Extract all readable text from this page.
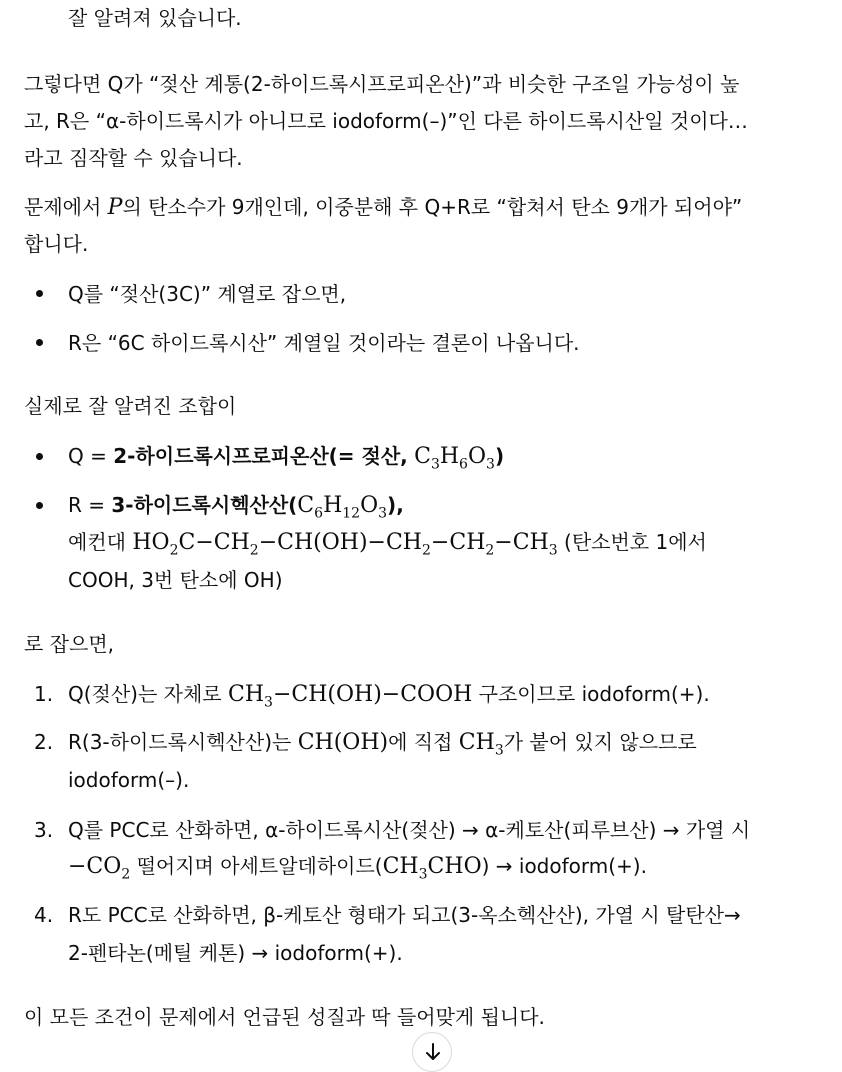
잘 알려져 있습니다.
그렇다면 Q가 “젖산 계통(2-하이드록시프로피온산)”과 비슷한 구조일 가능성이 높
고, R은 “α-하이드록시가 아니므로 iodoform(–)”인 다른 하이드록시산일 것이다…
라고 짐작할 수 있습니다.
문제에서 P의 탄소수가 9개인데, 이중분해 후 Q+R로 “합쳐서 탄소 9개가 되어야”
합니다.
Q를 “젖산(3C)” 계열로 잡으면,
R은 “6C 하이드록시산” 계열일 것이라는 결론이 나옵니다.
실제로 잘 알려진 조합이
Q = 2-하이드록시프로피온산(= 젖산, $C_3H_6O_3$)
R = 3-하이드록시헥산산$(C_6H_{12}O_3)$,
예컨대 $HO_2C-CH_2-CH(OH)-CH_2-CH_2-CH_3$ (탄소번호 1에서
COOH, 3번 탄소에 OH)
로 잡으면,
1. Q(젖산)는 자체로 $CH_3-CH(OH)-COOH$ 구조이므로 iodoform(+).
2. R(3-하이드록시헥산산)는 CH(OH)에 직접 $CH_3$가 붙어 있지 않으므로
iodoform(–).
3. Q를 PCC로 산화하면, α-하이드록시산(젖산) → α-케토산(피루브산) → 가열 시
$-CO_2$ 떨어지며 아세트알데하이드$(CH_3CHO)$ → iodoform(+).
4. R도 PCC로 산화하면, β-케토산 형태가 되고(3-옥소헥산산), 가열 시 탈탄산→
2-펜타논(메틸 케톤) → iodoform(+).
이 모든 조건이 문제에서 언급된 성질과 딱 들어맞게 됩니다.
